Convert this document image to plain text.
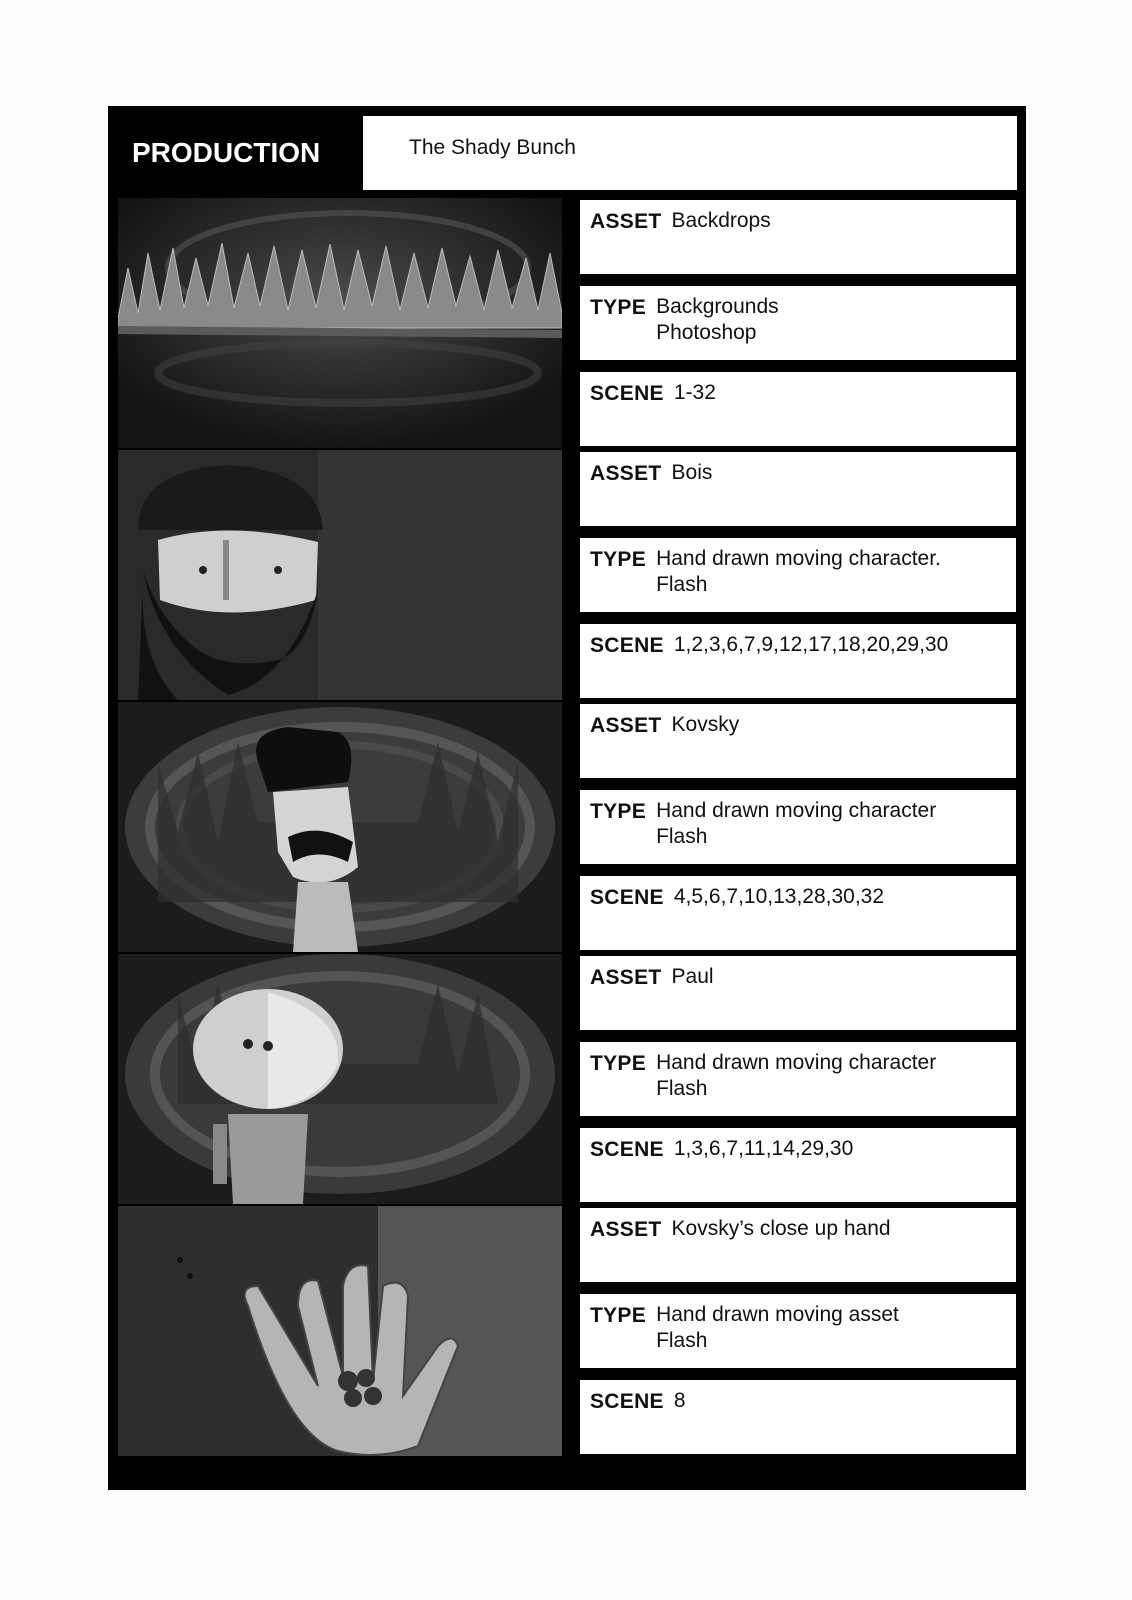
PRODUCTION	The Shady Bunch
ASSET Backdrops
TYPE Backgrounds
Photoshop
SCENE 1-32
ASSET Bois
TYPE Hand drawn moving character.
Flash
SCENE 1,2,3,6,7,9,12,17,18,20,29,30
ASSET Kovsky
TYPE Hand drawn moving character
Flash
SCENE 4,5,6,7,10,13,28,30,32
ASSET Paul
TYPE Hand drawn moving character
Flash
SCENE 1,3,6,7,11,14,29,30
ASSET Kovsky’s close up hand
TYPE Hand drawn moving asset
Flash
SCENE 8
